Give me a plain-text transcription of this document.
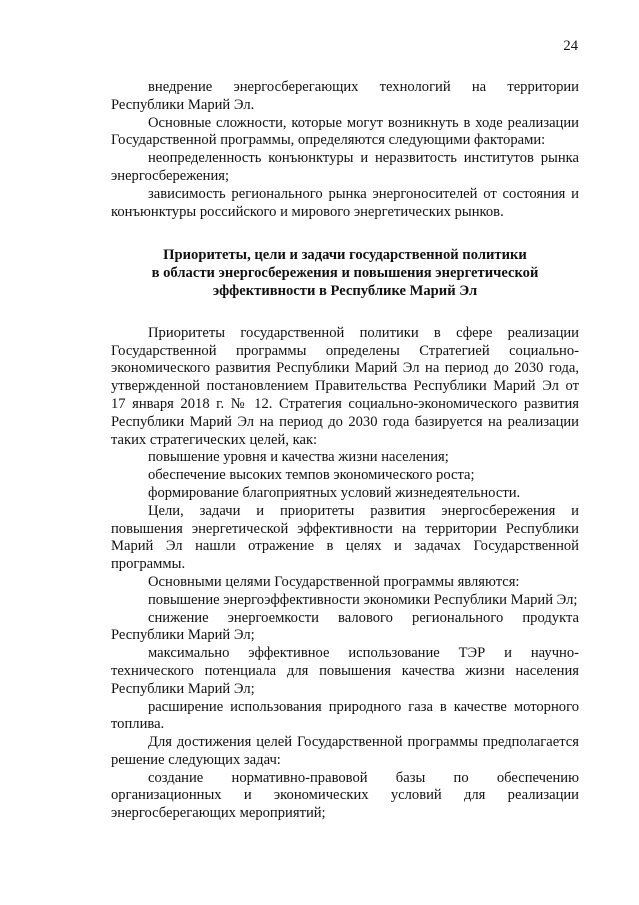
24

внедрение энергосберегающих технологий на территории Республики Марий Эл.

Основные сложности, которые могут возникнуть в ходе реализации Государственной программы, определяются следующими факторами:

неопределенность конъюнктуры и неразвитость институтов рынка энергосбережения;

зависимость регионального рынка энергоносителей от состояния и конъюнктуры российского и мирового энергетических рынков.

Приоритеты, цели и задачи государственной политики
в области энергосбережения и повышения энергетической
эффективности в Республике Марий Эл

Приоритеты государственной политики в сфере реализации Государственной программы определены Стратегией социально-экономического развития Республики Марий Эл на период до 2030 года, утвержденной постановлением Правительства Республики Марий Эл от 17 января 2018 г. № 12. Стратегия социально-экономического развития Республики Марий Эл на период до 2030 года базируется на реализации таких стратегических целей, как:

повышение уровня и качества жизни населения;

обеспечение высоких темпов экономического роста;

формирование благоприятных условий жизнедеятельности.

Цели, задачи и приоритеты развития энергосбережения и повышения энергетической эффективности на территории Республики Марий Эл нашли отражение в целях и задачах Государственной программы.

Основными целями Государственной программы являются:

повышение энергоэффективности экономики Республики Марий Эл;

снижение энергоемкости валового регионального продукта Республики Марий Эл;

максимально эффективное использование ТЭР и научно-технического потенциала для повышения качества жизни населения Республики Марий Эл;

расширение использования природного газа в качестве моторного топлива.

Для достижения целей Государственной программы предполагается решение следующих задач:

создание нормативно-правовой базы по обеспечению организационных и экономических условий для реализации энергосберегающих мероприятий;
